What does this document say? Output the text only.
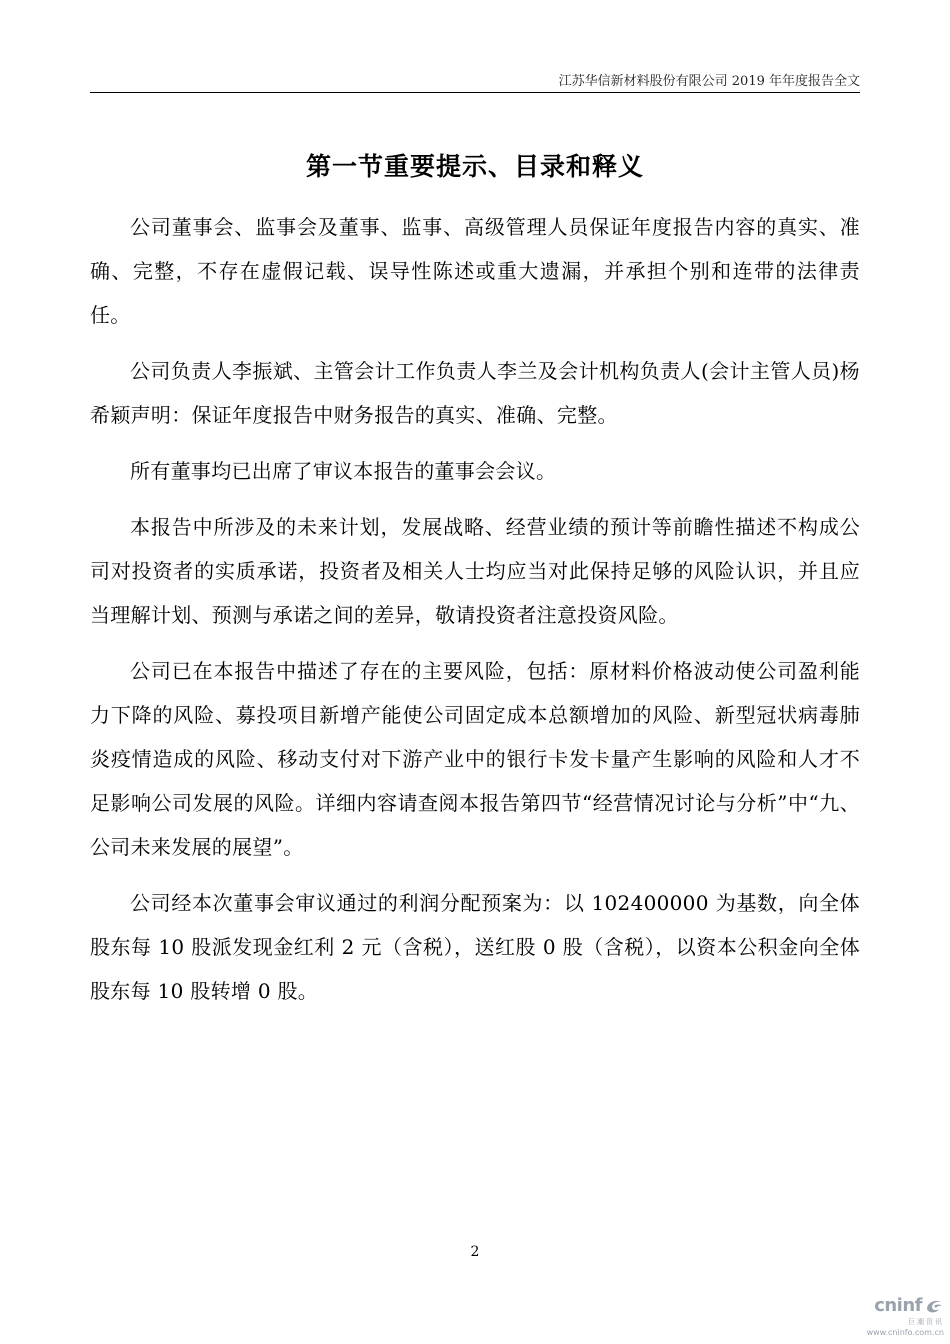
江苏华信新材料股份有限公司 2019 年年度报告全文
第一节重要提示、目录和释义

公司董事会、监事会及董事、监事、高级管理人员保证年度报告内容的真实、准确、完整，不存在虚假记载、误导性陈述或重大遗漏，并承担个别和连带的法律责任。

公司负责人李振斌、主管会计工作负责人李兰及会计机构负责人(会计主管人员)杨希颖声明：保证年度报告中财务报告的真实、准确、完整。

所有董事均已出席了审议本报告的董事会会议。

本报告中所涉及的未来计划，发展战略、经营业绩的预计等前瞻性描述不构成公司对投资者的实质承诺，投资者及相关人士均应当对此保持足够的风险认识，并且应当理解计划、预测与承诺之间的差异，敬请投资者注意投资风险。

公司已在本报告中描述了存在的主要风险，包括：原材料价格波动使公司盈利能力下降的风险、募投项目新增产能使公司固定成本总额增加的风险、新型冠状病毒肺炎疫情造成的风险、移动支付对下游产业中的银行卡发卡量产生影响的风险和人才不足影响公司发展的风险。详细内容请查阅本报告第四节“经营情况讨论与分析”中“九、公司未来发展的展望”。

公司经本次董事会审议通过的利润分配预案为：以 102400000 为基数，向全体股东每 10 股派发现金红利 2 元（含税），送红股 0 股（含税），以资本公积金向全体股东每 10 股转增 0 股。

2
cninf
巨潮资讯
www.cninfo.com.cn
